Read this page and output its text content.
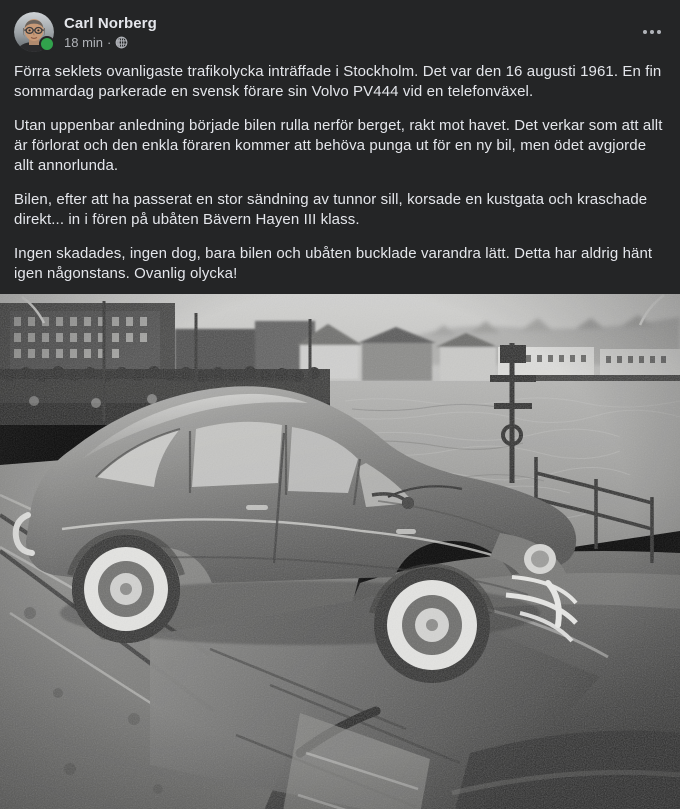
Carl Norberg
18 min ·

Förra seklets ovanligaste trafikolycka inträffade i Stockholm. Det var den 16 augusti 1961. En fin sommardag parkerade en svensk förare sin Volvo PV444 vid en telefonväxel.

Utan uppenbar anledning började bilen rulla nerför berget, rakt mot havet. Det verkar som att allt är förlorat och den enkla föraren kommer att behöva punga ut för en ny bil, men ödet avgjorde allt annorlunda.

Bilen, efter att ha passerat en stor sändning av tunnor sill, korsade en kustgata och kraschade direkt... in i fören på ubåten Bävern Hayen III klass.

Ingen skadades, ingen dog, bara bilen och ubåten bucklade varandra lätt. Detta har aldrig hänt igen någonstans. Ovanlig olycka!
